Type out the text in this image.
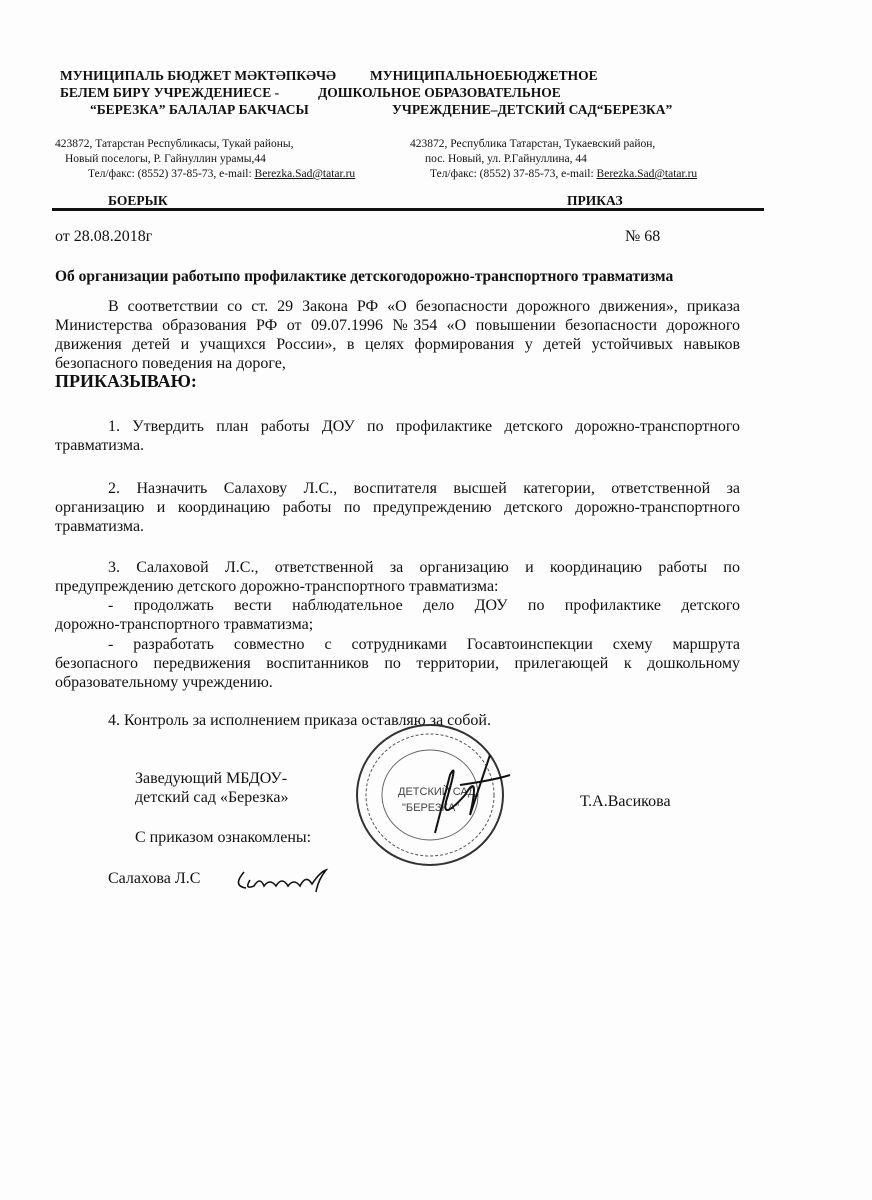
МУНИЦИПАЛЬ БЮДЖЕТ МӘКТӘПКӘЧӘ
БЕЛЕМ БИРҮ УЧРЕЖДЕНИЕСЕ -
“БЕРЕЗКА” БАЛАЛАР БАКЧАСЫ
МУНИЦИПАЛЬНОЕБЮДЖЕТНОЕ
ДОШКОЛЬНОЕ ОБРАЗОВАТЕЛЬНОЕ
УЧРЕЖДЕНИЕ–ДЕТСКИЙ САД“БЕРЕЗКА”
423872, Татарстан Республикасы, Тукай районы,
Новый поселогы, Р. Гайнуллин урамы,44
Тел/факс: (8552) 37-85-73, e-mail: Berezka.Sad@tatar.ru
423872, Республика Татарстан, Тукаевский район,
пос. Новый, ул. Р.Гайнуллина, 44
Тел/факс: (8552) 37-85-73, e-mail: Berezka.Sad@tatar.ru
БОЕРЫК	ПРИКАЗ
от 28.08.2018г	№ 68
Об организации работыпо профилактике детскогодорожно-транспортного травматизма
В соответствии со ст. 29 Закона РФ «О безопасности дорожного движения», приказа
Министерства образования РФ от 09.07.1996 №354 «О повышении безопасности дорожного
движения детей и учащихся России», в целях формирования у детей устойчивых навыков
безопасного поведения на дороге,
ПРИКАЗЫВАЮ:
1. Утвердить план работы ДОУ по профилактике детского дорожно-транспортного
травматизма.
2. Назначить Салахову Л.С., воспитателя высшей категории, ответственной за
организацию и координацию работы по предупреждению детского дорожно-транспортного
травматизма.
3. Салаховой Л.С., ответственной за организацию и координацию работы по
предупреждению детского дорожно-транспортного травматизма:
- продолжать вести наблюдательное дело ДОУ по профилактике детского
дорожно-транспортного травматизма;
- разработать совместно с сотрудниками Госавтоинспекции схему маршрута
безопасного передвижения воспитанников по территории, прилегающей к дошкольному
образовательному учреждению.
4. Контроль за исполнением приказа оставляю за собой.
Заведующий МБДОУ-
детский сад «Березка»	Т.А.Васикова
С приказом ознакомлены:
Салахова Л.С
ДЕТСКИЙ САД
"БЕРЕЗКА"
